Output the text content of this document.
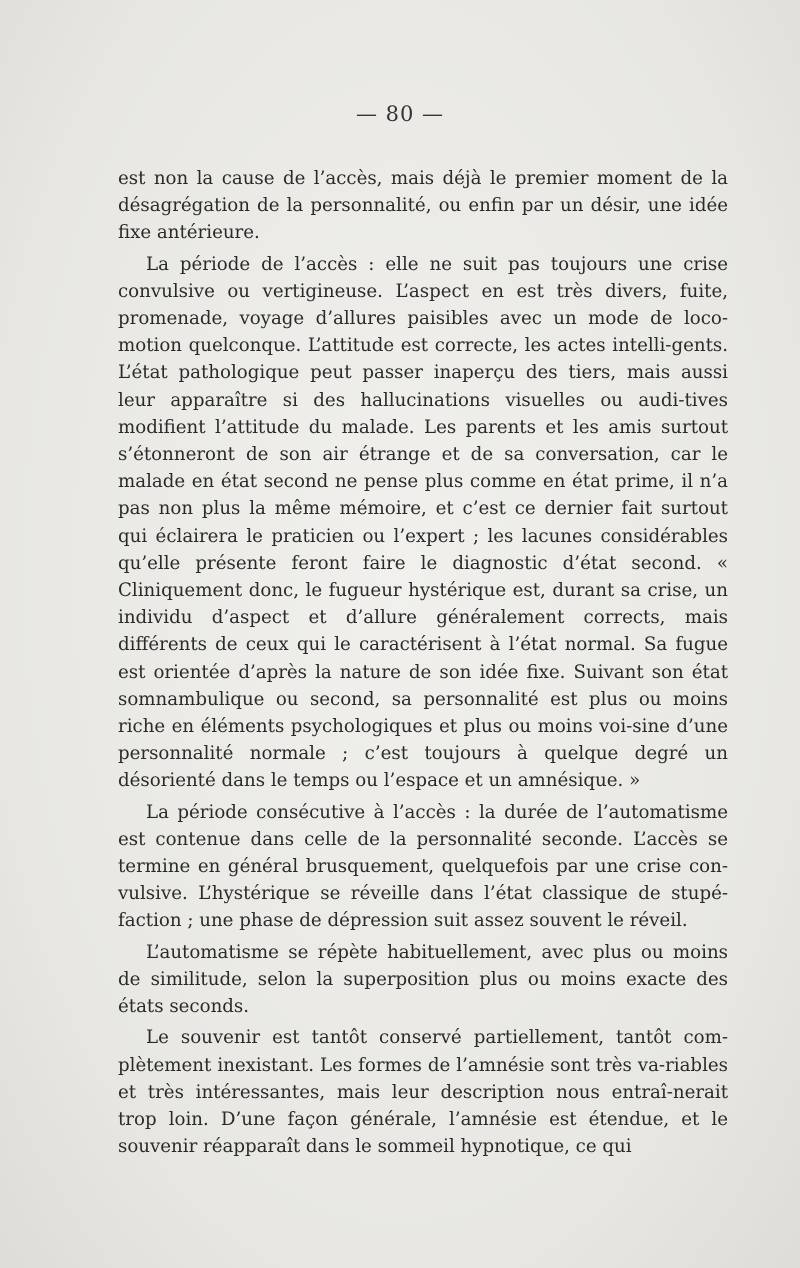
— 80 —

est non la cause de l’accès, mais déjà le premier moment de la désagrégation de la personnalité, ou enfin par un désir, une idée fixe antérieure.

La période de l’accès : elle ne suit pas toujours une crise convulsive ou vertigineuse. L’aspect en est très divers, fuite, promenade, voyage d’allures paisibles avec un mode de loco-motion quelconque. L’attitude est correcte, les actes intelli-gents. L’état pathologique peut passer inaperçu des tiers, mais aussi leur apparaître si des hallucinations visuelles ou audi-tives modifient l’attitude du malade. Les parents et les amis surtout s’étonneront de son air étrange et de sa conversation, car le malade en état second ne pense plus comme en état prime, il n’a pas non plus la même mémoire, et c’est ce dernier fait surtout qui éclairera le praticien ou l’expert ; les lacunes considérables qu’elle présente feront faire le diagnostic d’état second. « Cliniquement donc, le fugueur hystérique est, durant sa crise, un individu d’aspect et d’allure généralement corrects, mais différents de ceux qui le caractérisent à l’état normal. Sa fugue est orientée d’après la nature de son idée fixe. Suivant son état somnambulique ou second, sa personnalité est plus ou moins riche en éléments psychologiques et plus ou moins voi-sine d’une personnalité normale ; c’est toujours à quelque degré un désorienté dans le temps ou l’espace et un amnésique. »

La période consécutive à l’accès : la durée de l’automatisme est contenue dans celle de la personnalité seconde. L’accès se termine en général brusquement, quelquefois par une crise con-vulsive. L’hystérique se réveille dans l’état classique de stupé-faction ; une phase de dépression suit assez souvent le réveil.

L’automatisme se répète habituellement, avec plus ou moins de similitude, selon la superposition plus ou moins exacte des états seconds.

Le souvenir est tantôt conservé partiellement, tantôt com-plètement inexistant. Les formes de l’amnésie sont très va-riables et très intéressantes, mais leur description nous entraî-nerait trop loin. D’une façon générale, l’amnésie est étendue, et le souvenir réapparaît dans le sommeil hypnotique, ce qui
